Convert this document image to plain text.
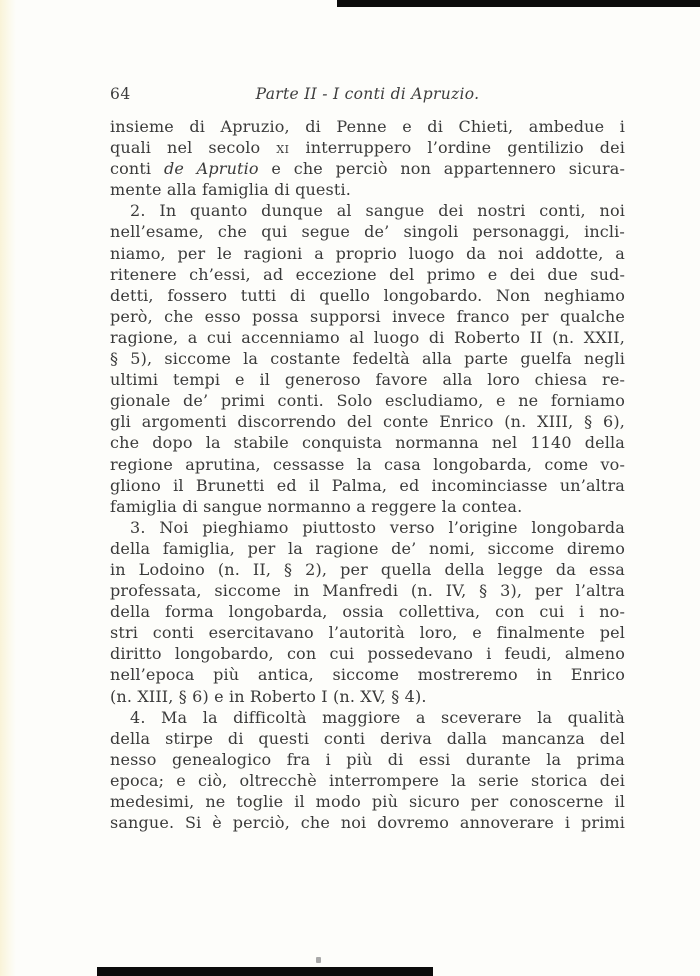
64	Parte II - I conti di Apruzio.
insieme di Apruzio, di Penne e di Chieti, ambedue i
quali nel secolo xi interruppero l’ordine gentilizio dei
conti de Aprutio e che perciò non appartennero sicura-
mente alla famiglia di questi.
2. In quanto dunque al sangue dei nostri conti, noi
nell’esame, che qui segue de’ singoli personaggi, incli-
niamo, per le ragioni a proprio luogo da noi addotte, a
ritenere ch’essi, ad eccezione del primo e dei due sud-
detti, fossero tutti di quello longobardo. Non neghiamo
però, che esso possa supporsi invece franco per qualche
ragione, a cui accenniamo al luogo di Roberto II (n. XXII,
§ 5), siccome la costante fedeltà alla parte guelfa negli
ultimi tempi e il generoso favore alla loro chiesa re-
gionale de’ primi conti. Solo escludiamo, e ne forniamo
gli argomenti discorrendo del conte Enrico (n. XIII, § 6),
che dopo la stabile conquista normanna nel 1140 della
regione aprutina, cessasse la casa longobarda, come vo-
gliono il Brunetti ed il Palma, ed incominciasse un’altra
famiglia di sangue normanno a reggere la contea.
3. Noi pieghiamo piuttosto verso l’origine longobarda
della famiglia, per la ragione de’ nomi, siccome diremo
in Lodoino (n. II, § 2), per quella della legge da essa
professata, siccome in Manfredi (n. IV, § 3), per l’altra
della forma longobarda, ossia collettiva, con cui i no-
stri conti esercitavano l’autorità loro, e finalmente pel
diritto longobardo, con cui possedevano i feudi, almeno
nell’epoca più antica, siccome mostreremo in Enrico
(n. XIII, § 6) e in Roberto I (n. XV, § 4).
4. Ma la difficoltà maggiore a sceverare la qualità
della stirpe di questi conti deriva dalla mancanza del
nesso genealogico fra i più di essi durante la prima
epoca; e ciò, oltrecchè interrompere la serie storica dei
medesimi, ne toglie il modo più sicuro per conoscerne il
sangue. Si è perciò, che noi dovremo annoverare i primi
